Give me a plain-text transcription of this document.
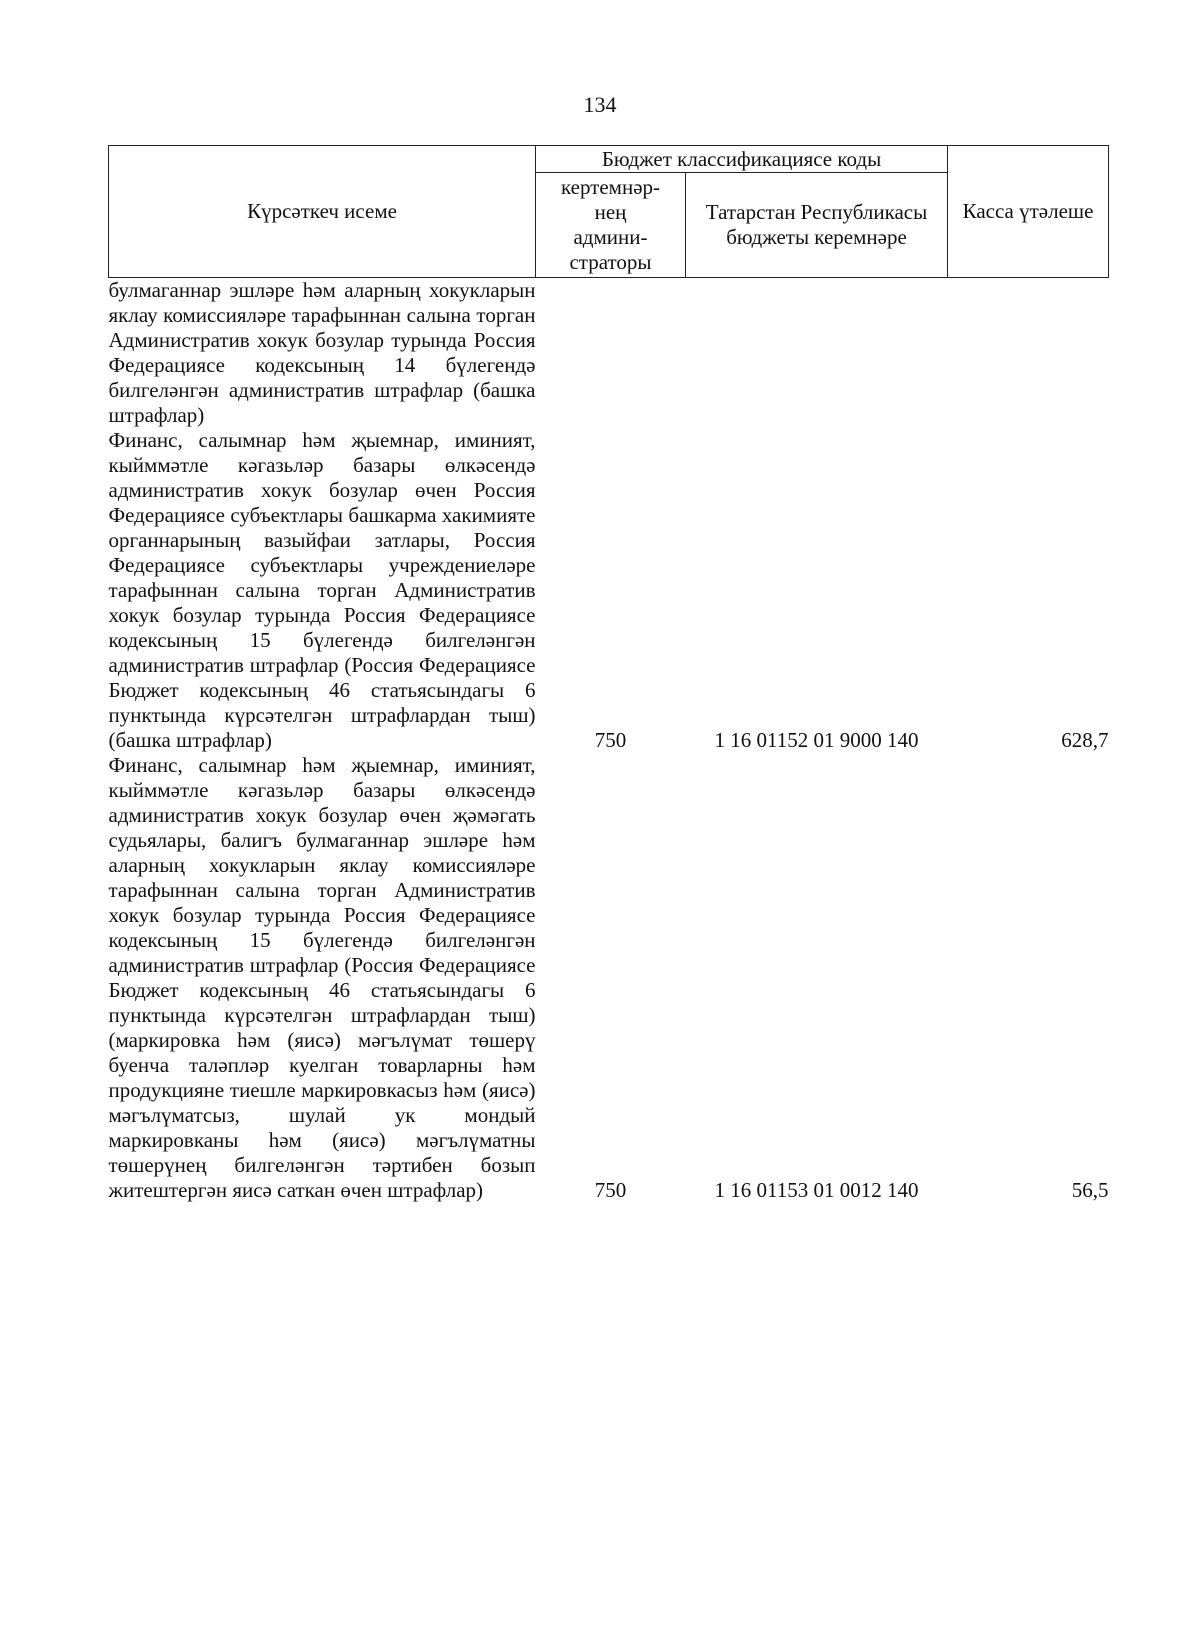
134
Күрсәткеч исеме	Бюджет классификациясе коды		Касса үтәлеше
	кертемнәр-
нең
админи-
страторы	Татарстан Республикасы бюджеты керемнәре	
булмаганнар эшләре һәм аларның хокукларын яклау комиссияләре тарафыннан салына торган Административ хокук бозулар турында Россия Федерациясе кодексының 14 бүлегендә билгеләнгән административ штрафлар (башка штрафлар)			
Финанс, салымнар һәм җыемнар, иминият, кыйммәтле кәгазьләр базары өлкәсендә административ хокук бозулар өчен Россия Федерациясе субъектлары башкарма хакимияте органнарының вазыйфаи затлары, Россия Федерациясе субъектлары учреждениеләре тарафыннан салына торган Административ хокук бозулар турында Россия Федерациясе кодексының 15 бүлегендә билгеләнгән административ штрафлар (Россия Федерациясе Бюджет кодексының 46 статьясындагы 6 пунктында күрсәтелгән штрафлардан тыш) (башка штрафлар)	750	1 16 01152 01 9000 140	628,7
Финанс, салымнар һәм җыемнар, иминият, кыйммәтле кәгазьләр базары өлкәсендә административ хокук бозулар өчен җәмәгать судьялары, балигъ булмаганнар эшләре һәм аларның хокукларын яклау комиссияләре тарафыннан салына торган Административ хокук бозулар турында Россия Федерациясе кодексының 15 бүлегендә билгеләнгән административ штрафлар (Россия Федерациясе Бюджет кодексының 46 статьясындагы 6 пунктында күрсәтелгән штрафлардан тыш) (маркировка һәм (яисә) мәгълүмат төшерү буенча таләпләр куелган товарларны һәм продукцияне тиешле маркировкасыз һәм (яисә) мәгълүматсыз, шулай ук мондый маркировканы һәм (яисә) мәгълүматны төшерүнең билгеләнгән тәртибен бозып житештергән яисә саткан өчен штрафлар)	750	1 16 01153 01 0012 140	56,5
